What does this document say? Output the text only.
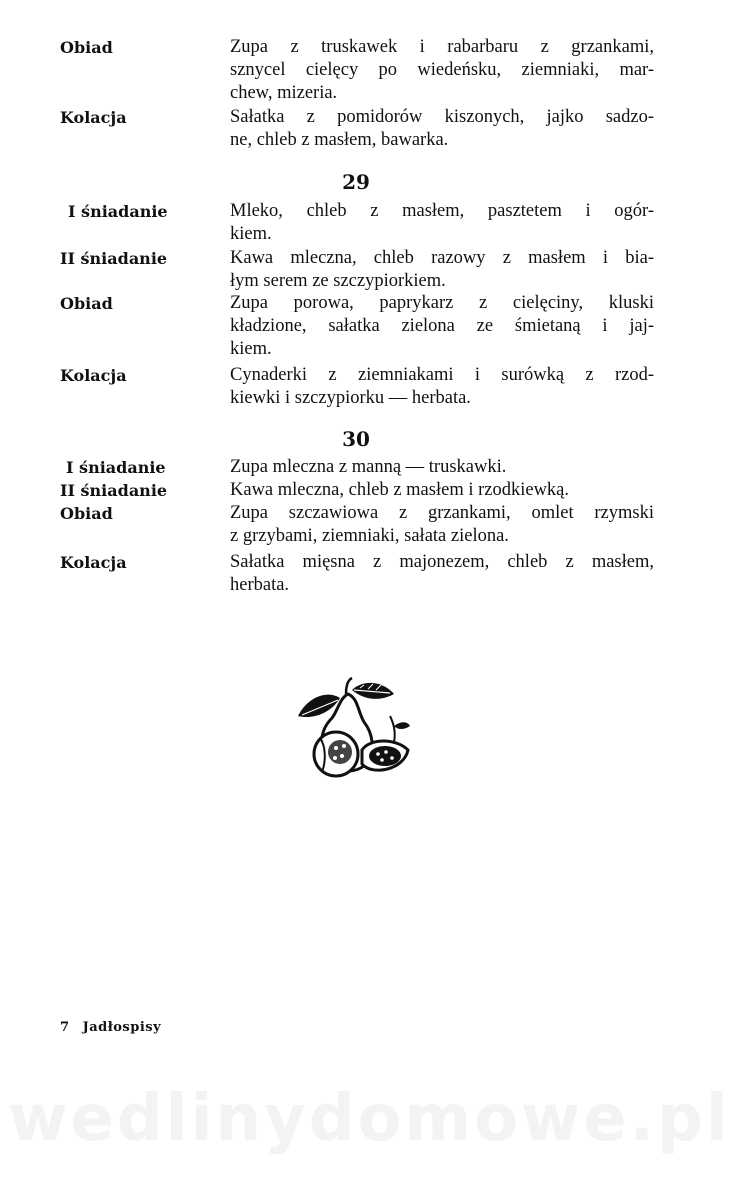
Obiad	Zupa z truskawek i rabarbaru z grzankami,
sznycel cielęcy po wiedeńsku, ziemniaki, mar-
chew, mizeria.
Kolacja	Sałatka z pomidorów kiszonych, jajko sadzo-
ne, chleb z masłem, bawarka.
29
I śniadanie	Mleko, chleb z masłem, pasztetem i ogór-
kiem.
II śniadanie	Kawa mleczna, chleb razowy z masłem i bia-
łym serem ze szczypiorkiem.
Obiad	Zupa porowa, paprykarz z cielęciny, kluski
kładzione, sałatka zielona ze śmietaną i jaj-
kiem.
Kolacja	Cynaderki z ziemniakami i surówką z rzod-
kiewki i szczypiorku — herbata.
30
I śniadanie	Zupa mleczna z manną — truskawki.
II śniadanie	Kawa mleczna, chleb z masłem i rzodkiewką.
Obiad	Zupa szczawiowa z grzankami, omlet rzymski
z grzybami, ziemniaki, sałata zielona.
Kolacja	Sałatka mięsna z majonezem, chleb z masłem,
herbata.
7 Jadłospisy
wedlinydomowe.pl
